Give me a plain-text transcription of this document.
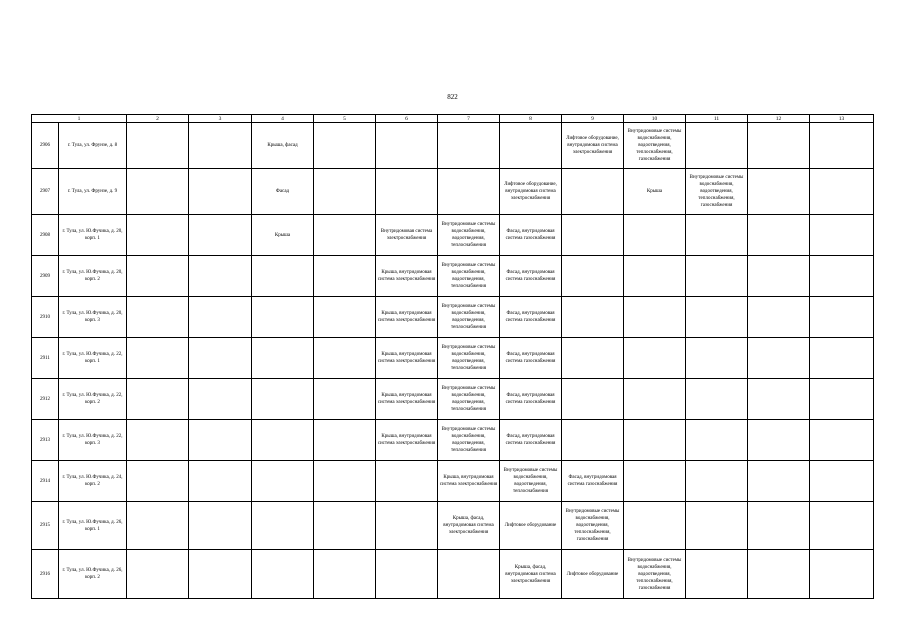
822
1		2	3	4	5	6	7	8	9	10	11	12	13
2906	г. Тула, ул. Фрунзе, д. 8			Крыша, фасад					Лифтовое оборудование, внутридомовая система электроснабжения	Внутридомовые системы водоснабжения, водоотведения, теплоснабжения, газоснабжения			
2907	г. Тула, ул. Фрунзе, д. 9			Фасад				Лифтовое оборудование, внутридомовая система электроснабжения		Крыша	Внутридомовые системы водоснабжения, водоотведения, теплоснабжения, газоснабжения		
2908	г. Тула, ул. Ю.Фучика, д. 20, корп. 1			Крыша		Внутридомовая система электроснабжения	Внутридомовые системы водоснабжения, водоотведения, теплоснабжения	Фасад, внутридомовая система газоснабжения					
2909	г. Тула, ул. Ю.Фучика, д. 20, корп. 2					Крыша, внутридомовая система электроснабжения	Внутридомовые системы водоснабжения, водоотведения, теплоснабжения	Фасад, внутридомовая система газоснабжения					
2910	г. Тула, ул. Ю.Фучика, д. 20, корп. 3					Крыша, внутридомовая система электроснабжения	Внутридомовые системы водоснабжения, водоотведения, теплоснабжения	Фасад, внутридомовая система газоснабжения					
2911	г. Тула, ул. Ю.Фучика, д. 22, корп. 1					Крыша, внутридомовая система электроснабжения	Внутридомовые системы водоснабжения, водоотведения, теплоснабжения	Фасад, внутридомовая система газоснабжения					
2912	г. Тула, ул. Ю.Фучика, д. 22, корп. 2					Крыша, внутридомовая система электроснабжения	Внутридомовые системы водоснабжения, водоотведения, теплоснабжения	Фасад, внутридомовая система газоснабжения					
2913	г. Тула, ул. Ю.Фучика, д. 22, корп. 3					Крыша, внутридомовая система электроснабжения	Внутридомовые системы водоснабжения, водоотведения, теплоснабжения	Фасад, внутридомовая система газоснабжения					
2914	г. Тула, ул. Ю.Фучика, д. 24, корп. 2						Крыша, внутридомовая система электроснабжения	Внутридомовые системы водоснабжения, водоотведения, теплоснабжения	Фасад, внутридомовая система газоснабжения				
2915	г. Тула, ул. Ю.Фучика, д. 26, корп. 1						Крыша, фасад, внутридомовая система электроснабжения	Лифтовое оборудование	Внутридомовые системы водоснабжения, водоотведения, теплоснабжения, газоснабжения				
2916	г. Тула, ул. Ю.Фучика, д. 26, корп. 2							Крыша, фасад, внутридомовая система электроснабжения	Лифтовое оборудование	Внутридомовые системы водоснабжения, водоотведения, теплоснабжения, газоснабжения			
